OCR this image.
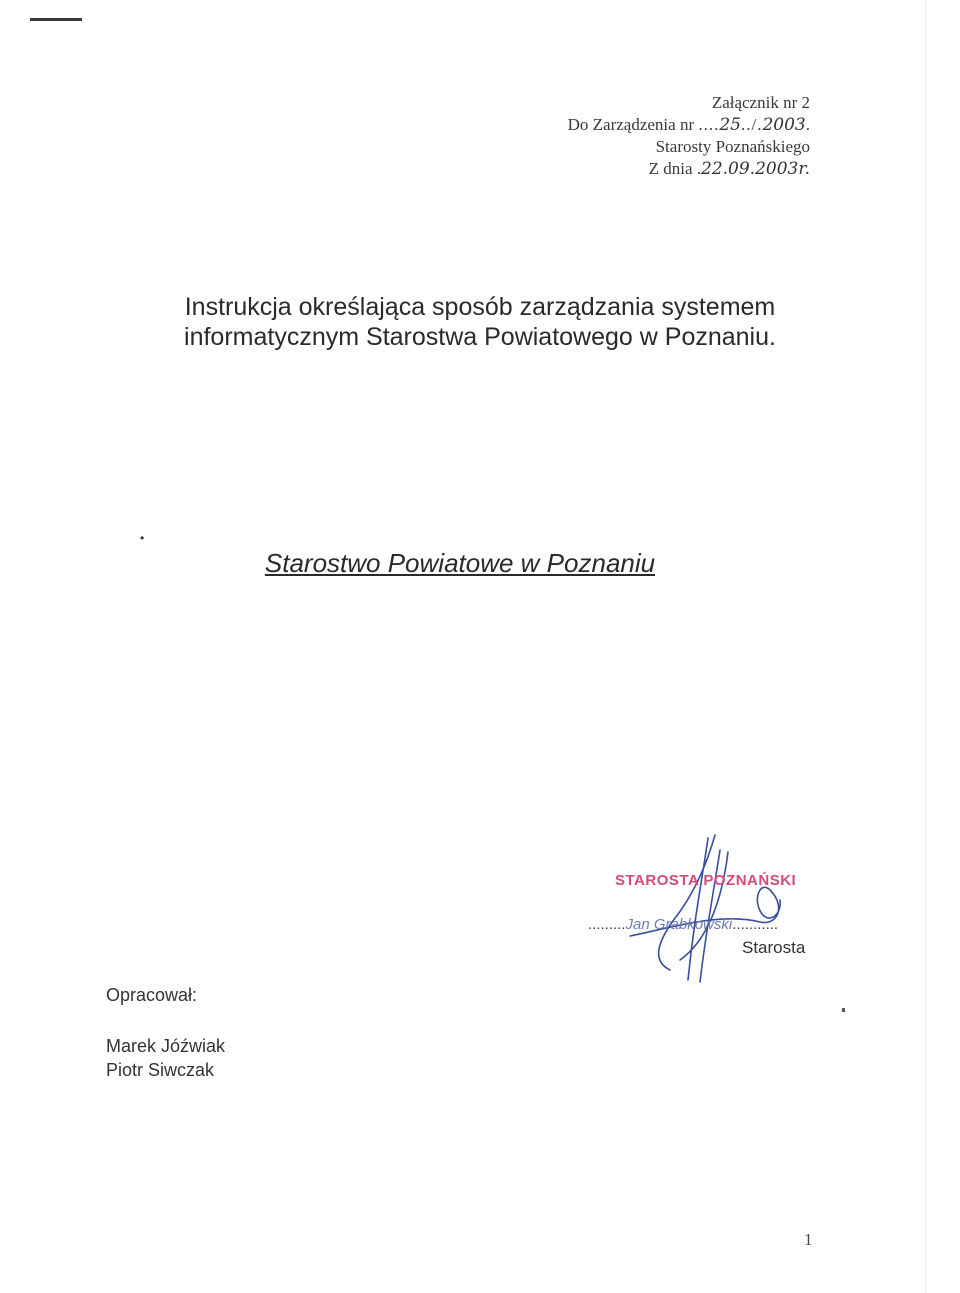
Załącznik nr 2
Do Zarządzenia nr ....25../.2003.
Starosty Poznańskiego
Z dnia .22.09.2003r.
Instrukcja określająca sposób zarządzania systemem
informatycznym Starostwa Powiatowego w Poznaniu.
•
Starostwo Powiatowe w Poznaniu
STAROSTA POZNAŃSKI
.........Jan Grabkowski...........
Starosta
Opracował:
Marek Jóźwiak
Piotr Siwczak
1
